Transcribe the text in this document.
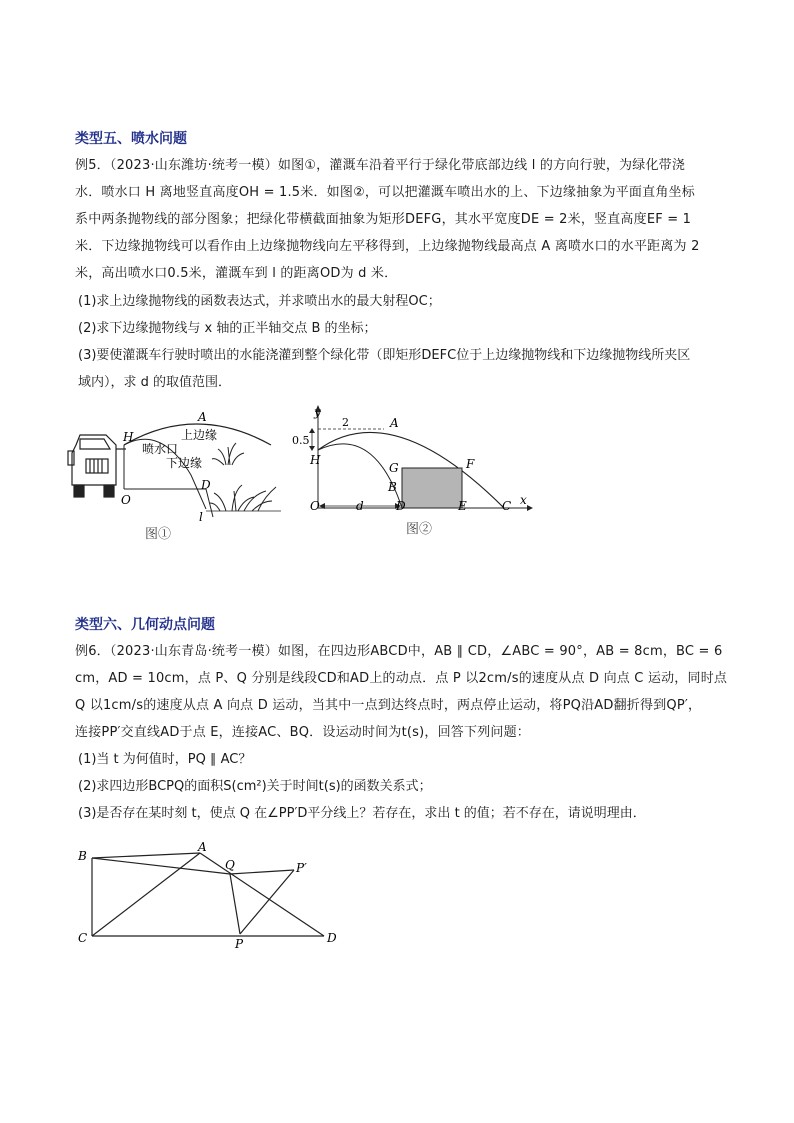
类型五、喷水问题
例5．（2023·山东潍坊·统考一模）如图①，灌溉车沿着平行于绿化带底部边线 l 的方向行驶，为绿化带浇
水．喷水口 H 离地竖直高度OH = 1.5米．如图②，可以把灌溉车喷出水的上、下边缘抽象为平面直角坐标
系中两条抛物线的部分图象；把绿化带横截面抽象为矩形DEFG，其水平宽度DE = 2米，竖直高度EF = 1
米．下边缘抛物线可以看作由上边缘抛物线向左平移得到，上边缘抛物线最高点 A 离喷水口的水平距离为 2
米，高出喷水口0.5米，灌溉车到 l 的距离OD为 d 米．
(1)求上边缘抛物线的函数表达式，并求喷出水的最大射程OC；
(2)求下边缘抛物线与 x 轴的正半轴交点 B 的坐标；
(3)要使灌溉车行驶时喷出的水能浇灌到整个绿化带（即矩形DEFC位于上边缘抛物线和下边缘抛物线所夹区
域内），求 d 的取值范围．
A
H
O
D
l
上边缘
喷水口
下边缘
图①
y
x
0.5
2	A
H
G	F
B
O	d	D	E	C
图②
类型六、几何动点问题
例6．（2023·山东青岛·统考一模）如图，在四边形ABCD中，AB ∥ CD，∠ABC = 90°，AB = 8cm，BC = 6
cm，AD = 10cm，点 P、Q 分别是线段CD和AD上的动点．点 P 以2cm/s的速度从点 D 向点 C 运动，同时点
Q 以1cm/s的速度从点 A 向点 D 运动，当其中一点到达终点时，两点停止运动，将PQ沿AD翻折得到QP′，
连接PP′交直线AD于点 E，连接AC、BQ．设运动时间为t(s)，回答下列问题：
(1)当 t 为何值时，PQ ∥ AC？
(2)求四边形BCPQ的面积S(cm²)关于时间t(s)的函数关系式；
(3)是否存在某时刻 t，使点 Q 在∠PP′D平分线上？若存在，求出 t 的值；若不存在，请说明理由．
B
A
Q	P′
C	P	D
